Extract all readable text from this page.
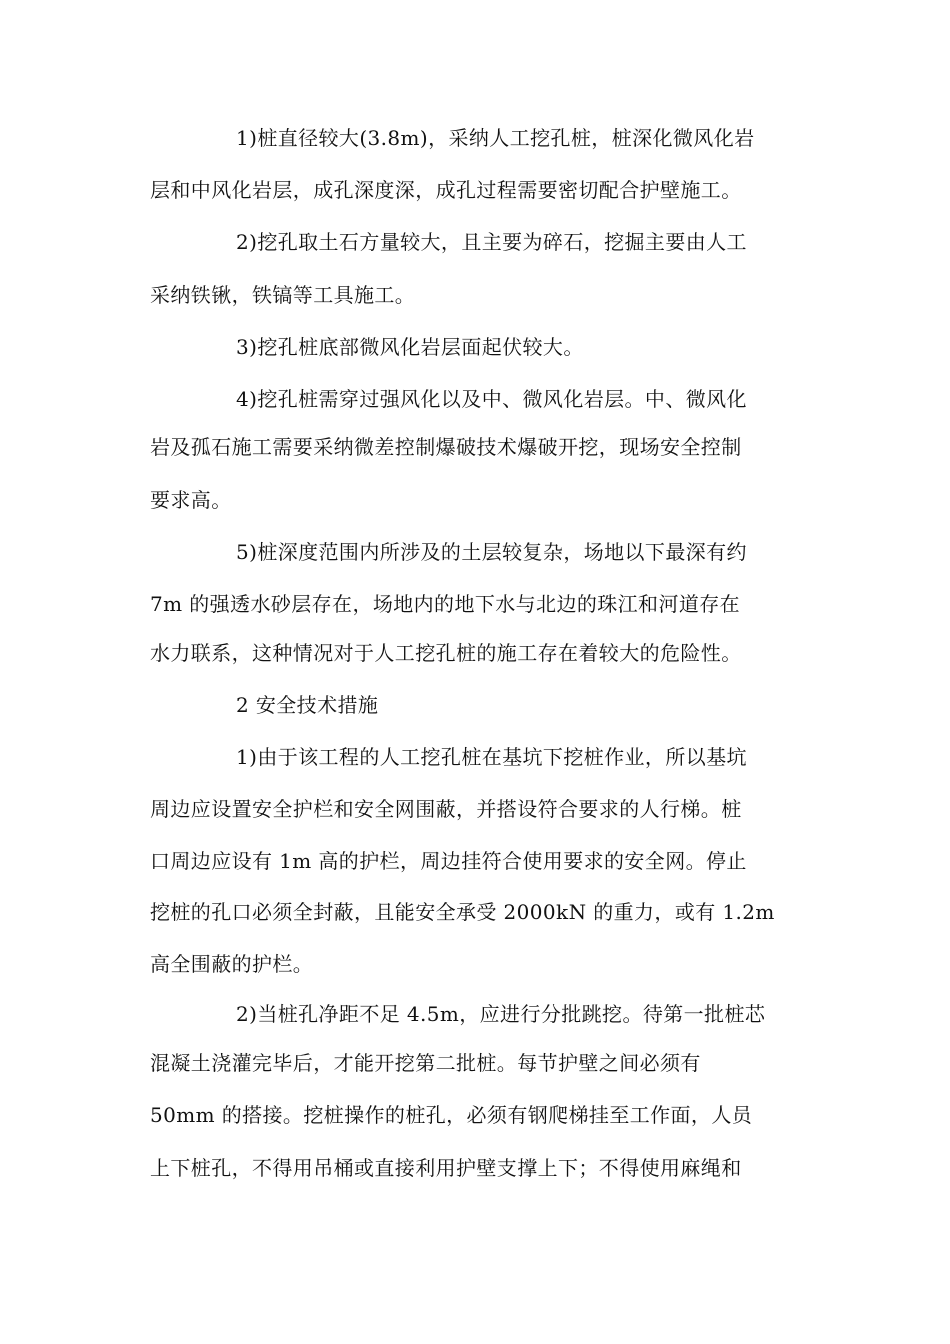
1)桩直径较大(3.8m)，采纳人工挖孔桩，桩深化微风化岩
层和中风化岩层，成孔深度深，成孔过程需要密切配合护壁施工。
2)挖孔取土石方量较大，且主要为碎石，挖掘主要由人工
采纳铁锹，铁镐等工具施工。
3)挖孔桩底部微风化岩层面起伏较大。
4)挖孔桩需穿过强风化以及中、微风化岩层。中、微风化
岩及孤石施工需要采纳微差控制爆破技术爆破开挖，现场安全控制
要求高。
5)桩深度范围内所涉及的土层较复杂，场地以下最深有约
7m 的强透水砂层存在，场地内的地下水与北边的珠江和河道存在
水力联系，这种情况对于人工挖孔桩的施工存在着较大的危险性。
2 安全技术措施
1)由于该工程的人工挖孔桩在基坑下挖桩作业，所以基坑
周边应设置安全护栏和安全网围蔽，并搭设符合要求的人行梯。桩
口周边应设有 1m 高的护栏，周边挂符合使用要求的安全网。停止
挖桩的孔口必须全封蔽，且能安全承受 2000kN 的重力，或有 1.2m
高全围蔽的护栏。
2)当桩孔净距不足 4.5m，应进行分批跳挖。待第一批桩芯
混凝土浇灌完毕后，才能开挖第二批桩。每节护壁之间必须有
50mm 的搭接。挖桩操作的桩孔，必须有钢爬梯挂至工作面，人员
上下桩孔，不得用吊桶或直接利用护壁支撑上下；不得使用麻绳和
